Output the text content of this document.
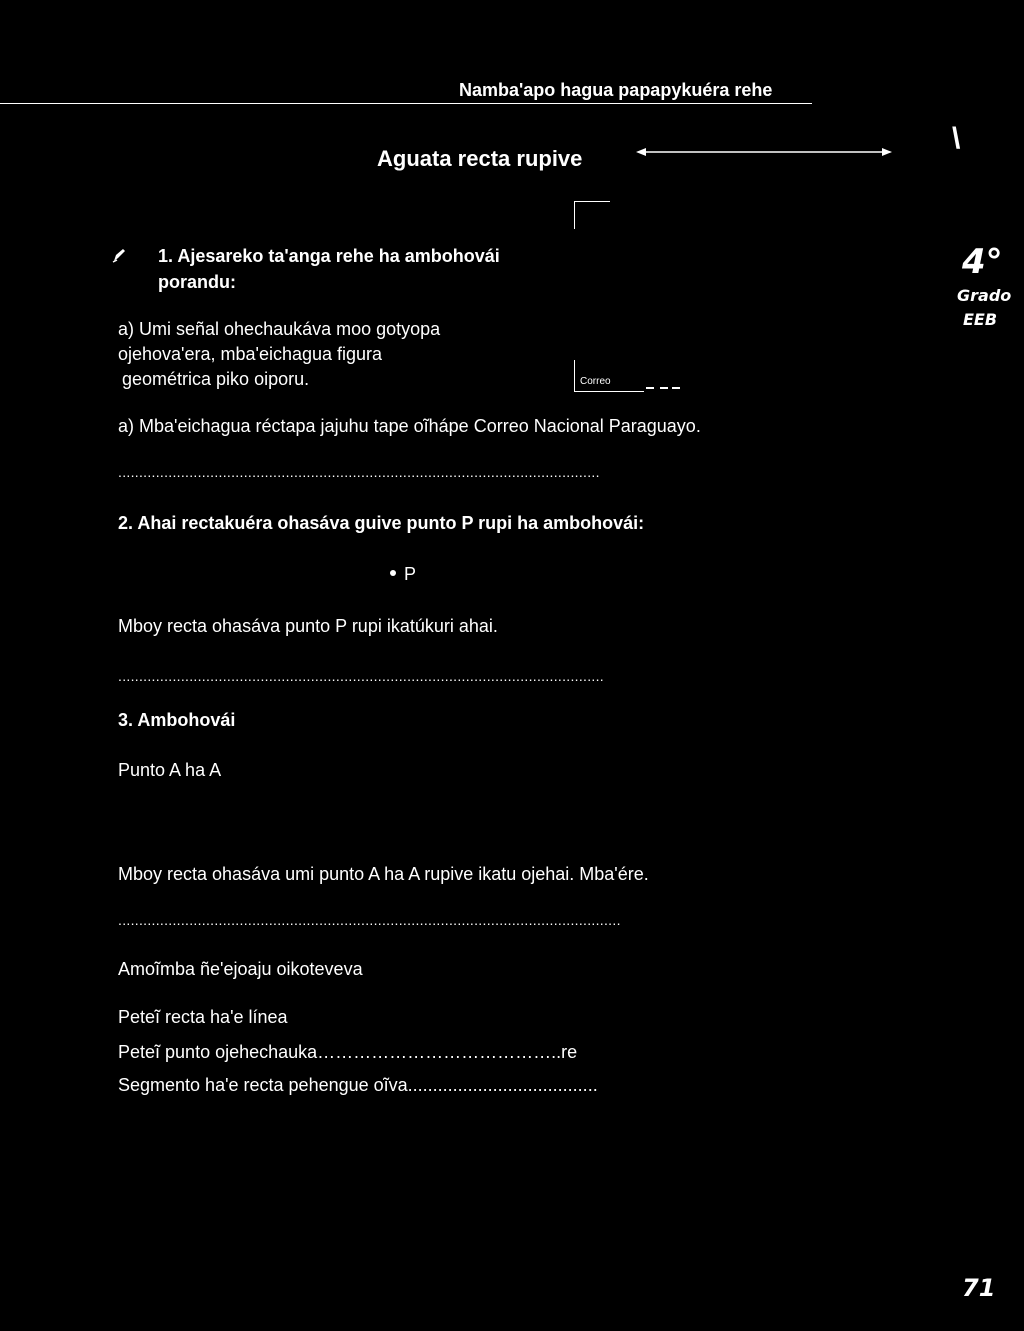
Namba'apo hagua papapykuéra rehe
Aguata recta rupive
\
4°
Grado
EEB
Correo
1. Ajesareko ta'anga rehe ha ambohovái
porandu:
a) Umi señal ohechaukáva moo gotyopa
ojehova'era, mba'eichagua figura
geométrica piko oiporu.
a) Mba'eichagua réctapa jajuhu tape oĩhápe Correo Nacional Paraguayo.
...................................................................................................................
2. Ahai rectakuéra ohasáva guive punto P rupi ha ambohovái:
P
Mboy recta ohasáva punto P rupi ikatúkuri ahai.
....................................................................................................................
3. Ambohovái
Punto A ha A
Mboy recta ohasáva umi punto A ha A rupive ikatu ojehai. Mba'ére.
........................................................................................................................
Amoĩmba ñe'ejoaju oikoteveva
Peteĩ recta ha'e línea
Peteĩ punto ojehechauka…………………………………..re
Segmento ha'e recta pehengue oĩva......................................
71
